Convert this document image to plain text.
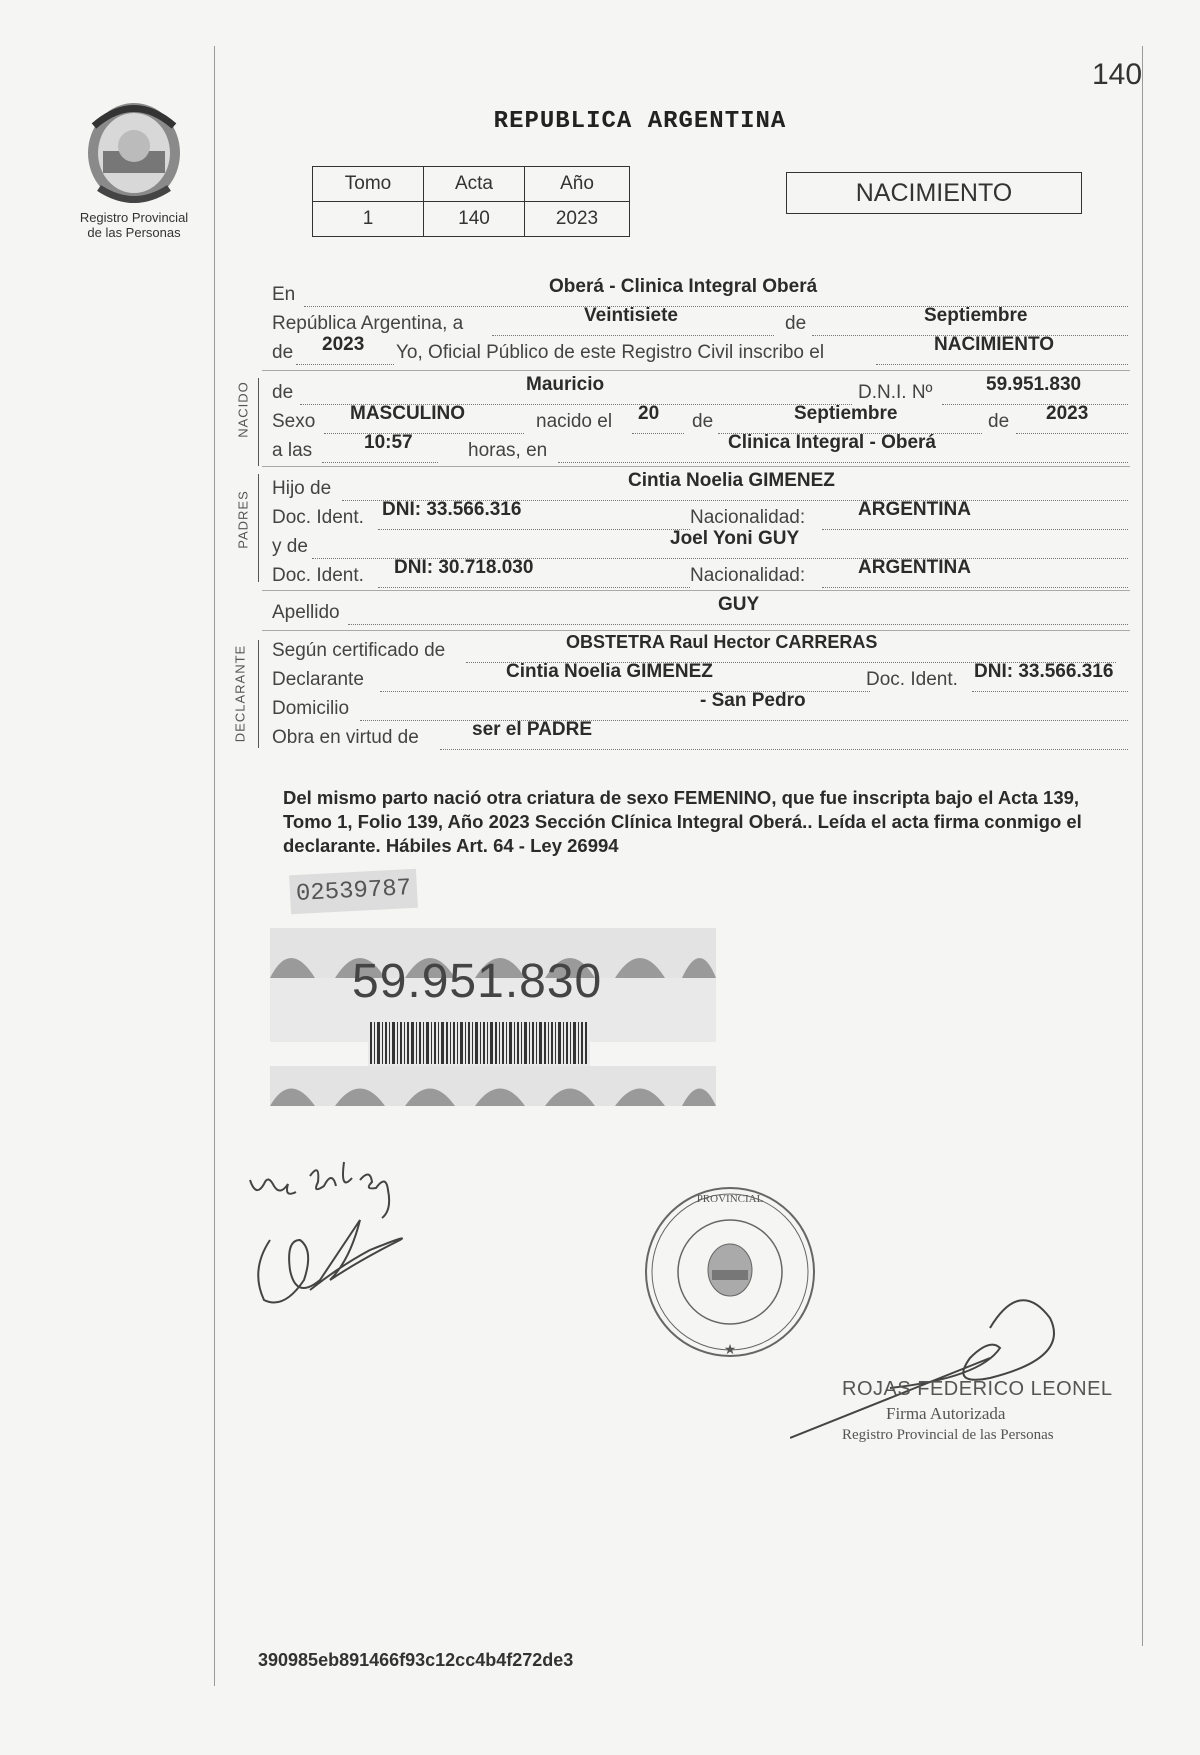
140
Registro Provincial
de las Personas
REPUBLICA ARGENTINA
Tomo	Acta	Año
1	140	2023
NACIMIENTO
En	Oberá - Clinica Integral Oberá
República Argentina, a	Veintisiete	de	Septiembre
de 2023 Yo, Oficial Público de este Registro Civil inscribo el	NACIMIENTO
NACIDO de	Mauricio	D.N.I. Nº	59.951.830
Sexo MASCULINO	nacido el 20 de	Septiembre	de 2023
a las	10:57	horas, en	Clinica Integral - Oberá
PADRES
Hijo de	Cintia Noelia GIMENEZ
Doc. Ident. DNI: 33.566.316	Nacionalidad:	ARGENTINA
y de	Joel Yoni GUY
Doc. Ident. DNI: 30.718.030	Nacionalidad:	ARGENTINA
Apellido	GUY
DECLARANTE Según certificado de	OBSTETRA Raul Hector CARRERAS
Declarante	Cintia Noelia GIMENEZ	Doc. Ident. DNI: 33.566.316
Domicilio	- San Pedro
Obra en virtud de	ser el PADRE
Del mismo parto nació otra criatura de sexo FEMENINO, que fue inscripta bajo el Acta 139, Tomo 1, Folio 139, Año 2023 Sección Clínica Integral Oberá.. Leída el acta firma conmigo el declarante. Hábiles Art. 64 - Ley 26994
02539787
59.951.830
PROVINCIAL
★
ROJAS FEDERICO LEONEL
Firma Autorizada
Registro Provincial de las Personas
390985eb891466f93c12cc4b4f272de3
